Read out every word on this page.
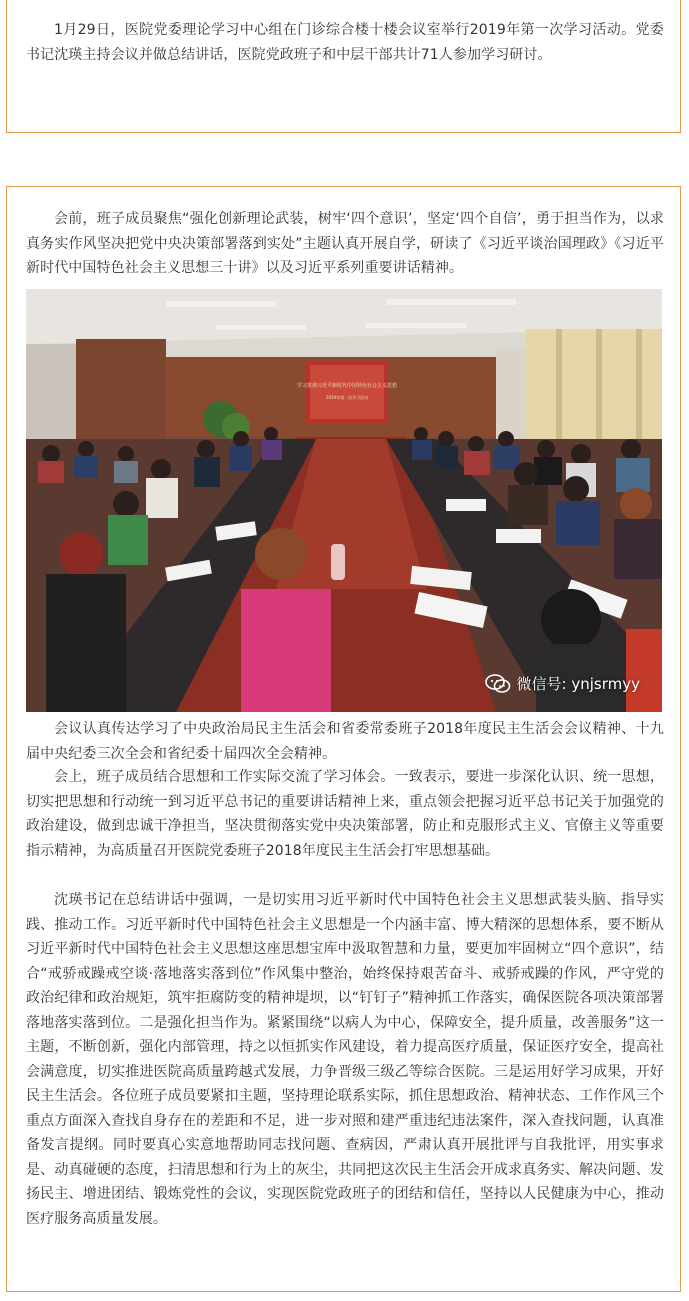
1月29日，医院党委理论学习中心组在门诊综合楼十楼会议室举行2019年第一次学习活动。党委书记沈瑛主持会议并做总结讲话，医院党政班子和中层干部共计71人参加学习研讨。

会前，班子成员聚焦“强化创新理论武装，树牢‘四个意识’，坚定‘四个自信’，勇于担当作为，以求真务实作风坚决把党中央决策部署落到实处”主题认真开展自学，研读了《习近平谈治国理政》《习近平新时代中国特色社会主义思想三十讲》以及习近平系列重要讲话精神。

学习贯彻习近平新时代中国特色社会主义思想
2019年第一次学习活动
微信号: ynjsrmyy

会议认真传达学习了中央政治局民主生活会和省委常委班子2018年度民主生活会会议精神、十九届中央纪委三次全会和省纪委十届四次全会精神。

会上，班子成员结合思想和工作实际交流了学习体会。一致表示，要进一步深化认识、统一思想，切实把思想和行动统一到习近平总书记的重要讲话精神上来，重点领会把握习近平总书记关于加强党的政治建设，做到忠诚干净担当，坚决贯彻落实党中央决策部署，防止和克服形式主义、官僚主义等重要指示精神，为高质量召开医院党委班子2018年度民主生活会打牢思想基础。

沈瑛书记在总结讲话中强调，一是切实用习近平新时代中国特色社会主义思想武装头脑、指导实践、推动工作。习近平新时代中国特色社会主义思想是一个内涵丰富、博大精深的思想体系，要不断从习近平新时代中国特色社会主义思想这座思想宝库中汲取智慧和力量，要更加牢固树立“四个意识”，结合“戒骄戒躁戒空谈·落地落实落到位”作风集中整治，始终保持艰苦奋斗、戒骄戒躁的作风，严守党的政治纪律和政治规矩，筑牢拒腐防变的精神堤坝，以“钉钉子”精神抓工作落实，确保医院各项决策部署落地落实落到位。二是强化担当作为。紧紧围绕“以病人为中心，保障安全，提升质量，改善服务”这一主题，不断创新，强化内部管理，持之以恒抓实作风建设，着力提高医疗质量，保证医疗安全，提高社会满意度，切实推进医院高质量跨越式发展，力争晋级三级乙等综合医院。三是运用好学习成果，开好民主生活会。各位班子成员要紧扣主题，坚持理论联系实际，抓住思想政治、精神状态、工作作风三个重点方面深入查找自身存在的差距和不足，进一步对照和建严重违纪违法案件，深入查找问题，认真准备发言提纲。同时要真心实意地帮助同志找问题、查病因，严肃认真开展批评与自我批评，用实事求是、动真碰硬的态度，扫清思想和行为上的灰尘，共同把这次民主生活会开成求真务实、解决问题、发扬民主、增进团结、锻炼党性的会议，实现医院党政班子的团结和信任，坚持以人民健康为中心，推动医疗服务高质量发展。
